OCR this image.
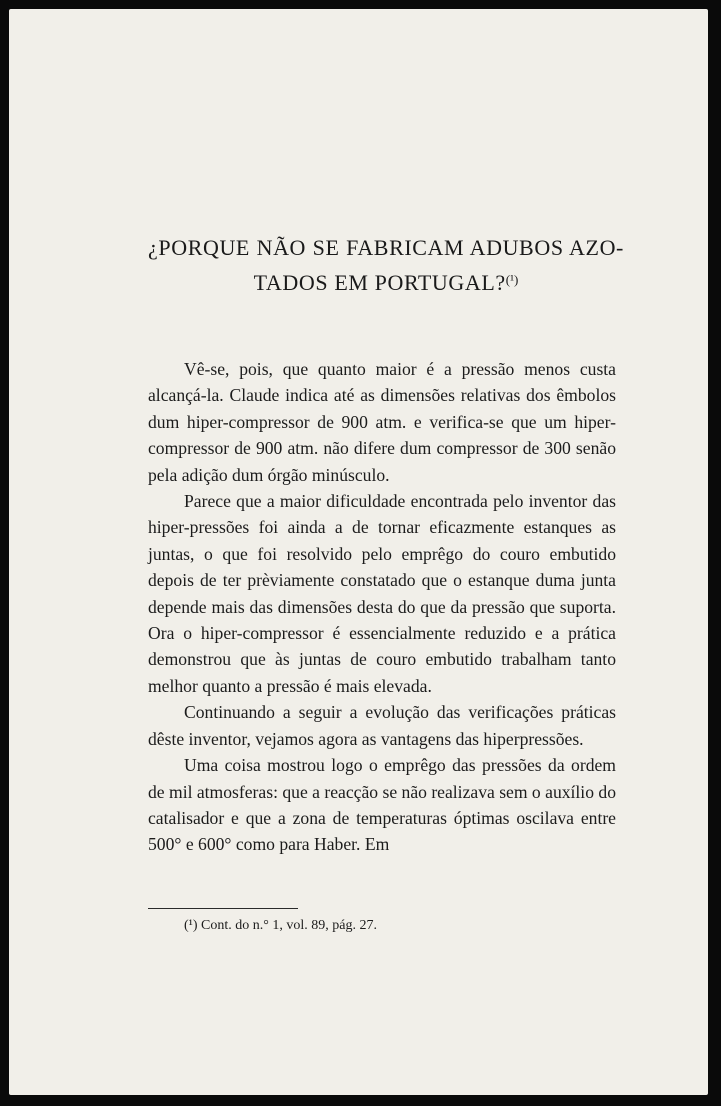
¿PORQUE NÃO SE FABRICAM ADUBOS AZO-
TADOS EM PORTUGAL?$^{(^1)}$

Vê-se, pois, que quanto maior é a pressão menos custa alcançá-la. Claude indica até as dimensões relativas dos êmbolos dum hiper-compressor de 900 atm. e verifica-se que um hiper-compressor de 900 atm. não difere dum compressor de 300 senão pela adição dum órgão minúsculo.

Parece que a maior dificuldade encontrada pelo inventor das hiper-pressões foi ainda a de tornar eficazmente estanques as juntas, o que foi resolvido pelo emprêgo do couro embutido depois de ter prèviamente constatado que o estanque duma junta depende mais das dimensões desta do que da pressão que suporta. Ora o hiper-compressor é essencialmente reduzido e a prática demonstrou que às juntas de couro embutido trabalham tanto melhor quanto a pressão é mais elevada.

Continuando a seguir a evolução das verificações práticas dêste inventor, vejamos agora as vantagens das hiperpressões.

Uma coisa mostrou logo o emprêgo das pressões da ordem de mil atmosferas: que a reacção se não realizava sem o auxílio do catalisador e que a zona de temperaturas óptimas oscilava entre 500° e 600° como para Haber. Em

(¹) Cont. do n.° 1, vol. 89, pág. 27.
